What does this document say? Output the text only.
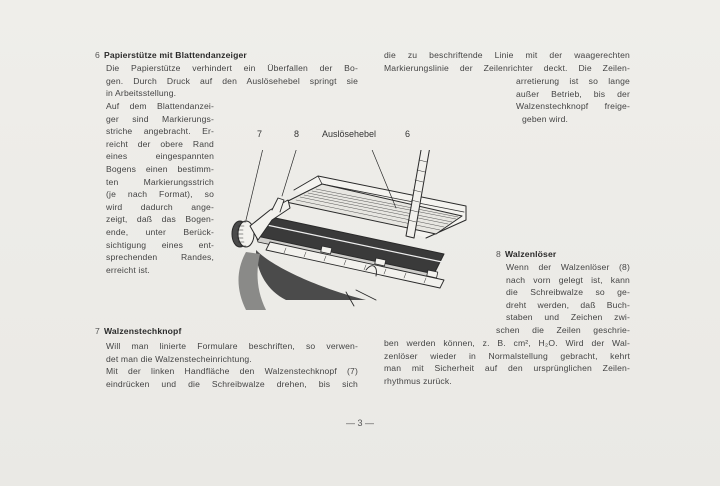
6 Papierstütze mit Blattendanzeiger
Die Papierstütze verhindert ein Überfallen der Bo-
gen. Durch Druck auf den Auslösehebel springt sie
in Arbeitsstellung.
Auf dem Blattendanzei-
ger sind Markierungs-
striche angebracht. Er-
reicht der obere Rand
eines eingespannten
Bogens einen bestimm-
ten Markierungsstrich
(je nach Format), so
wird dadurch ange-
zeigt, daß das Bogen-
ende, unter Berück-
sichtigung eines ent-
sprechenden Randes,
erreicht ist.
die zu beschriftende Linie mit der waagerechten
Markierungslinie der Zeilenrichter deckt. Die Zeilen-
arretierung ist so lange
außer Betrieb, bis der
Walzenstechknopf freige-
geben wird.
7	8	Auslösehebel	6
7 Walzenstechknopf
Will man linierte Formulare beschriften, so verwen-
det man die Walzenstecheinrichtung.
Mit der linken Handfläche den Walzenstechknopf (7)
eindrücken und die Schreibwalze drehen, bis sich
8 Walzenlöser
Wenn der Walzenlöser (8)
nach vorn gelegt ist, kann
die Schreibwalze so ge-
dreht werden, daß Buch-
staben und Zeichen zwi-
schen die Zeilen geschrie-
ben werden können, z. B. cm², H₂O. Wird der Wal-
zenlöser wieder in Normalstellung gebracht, kehrt
man mit Sicherheit auf den ursprünglichen Zeilen-
rhythmus zurück.
— 3 —
